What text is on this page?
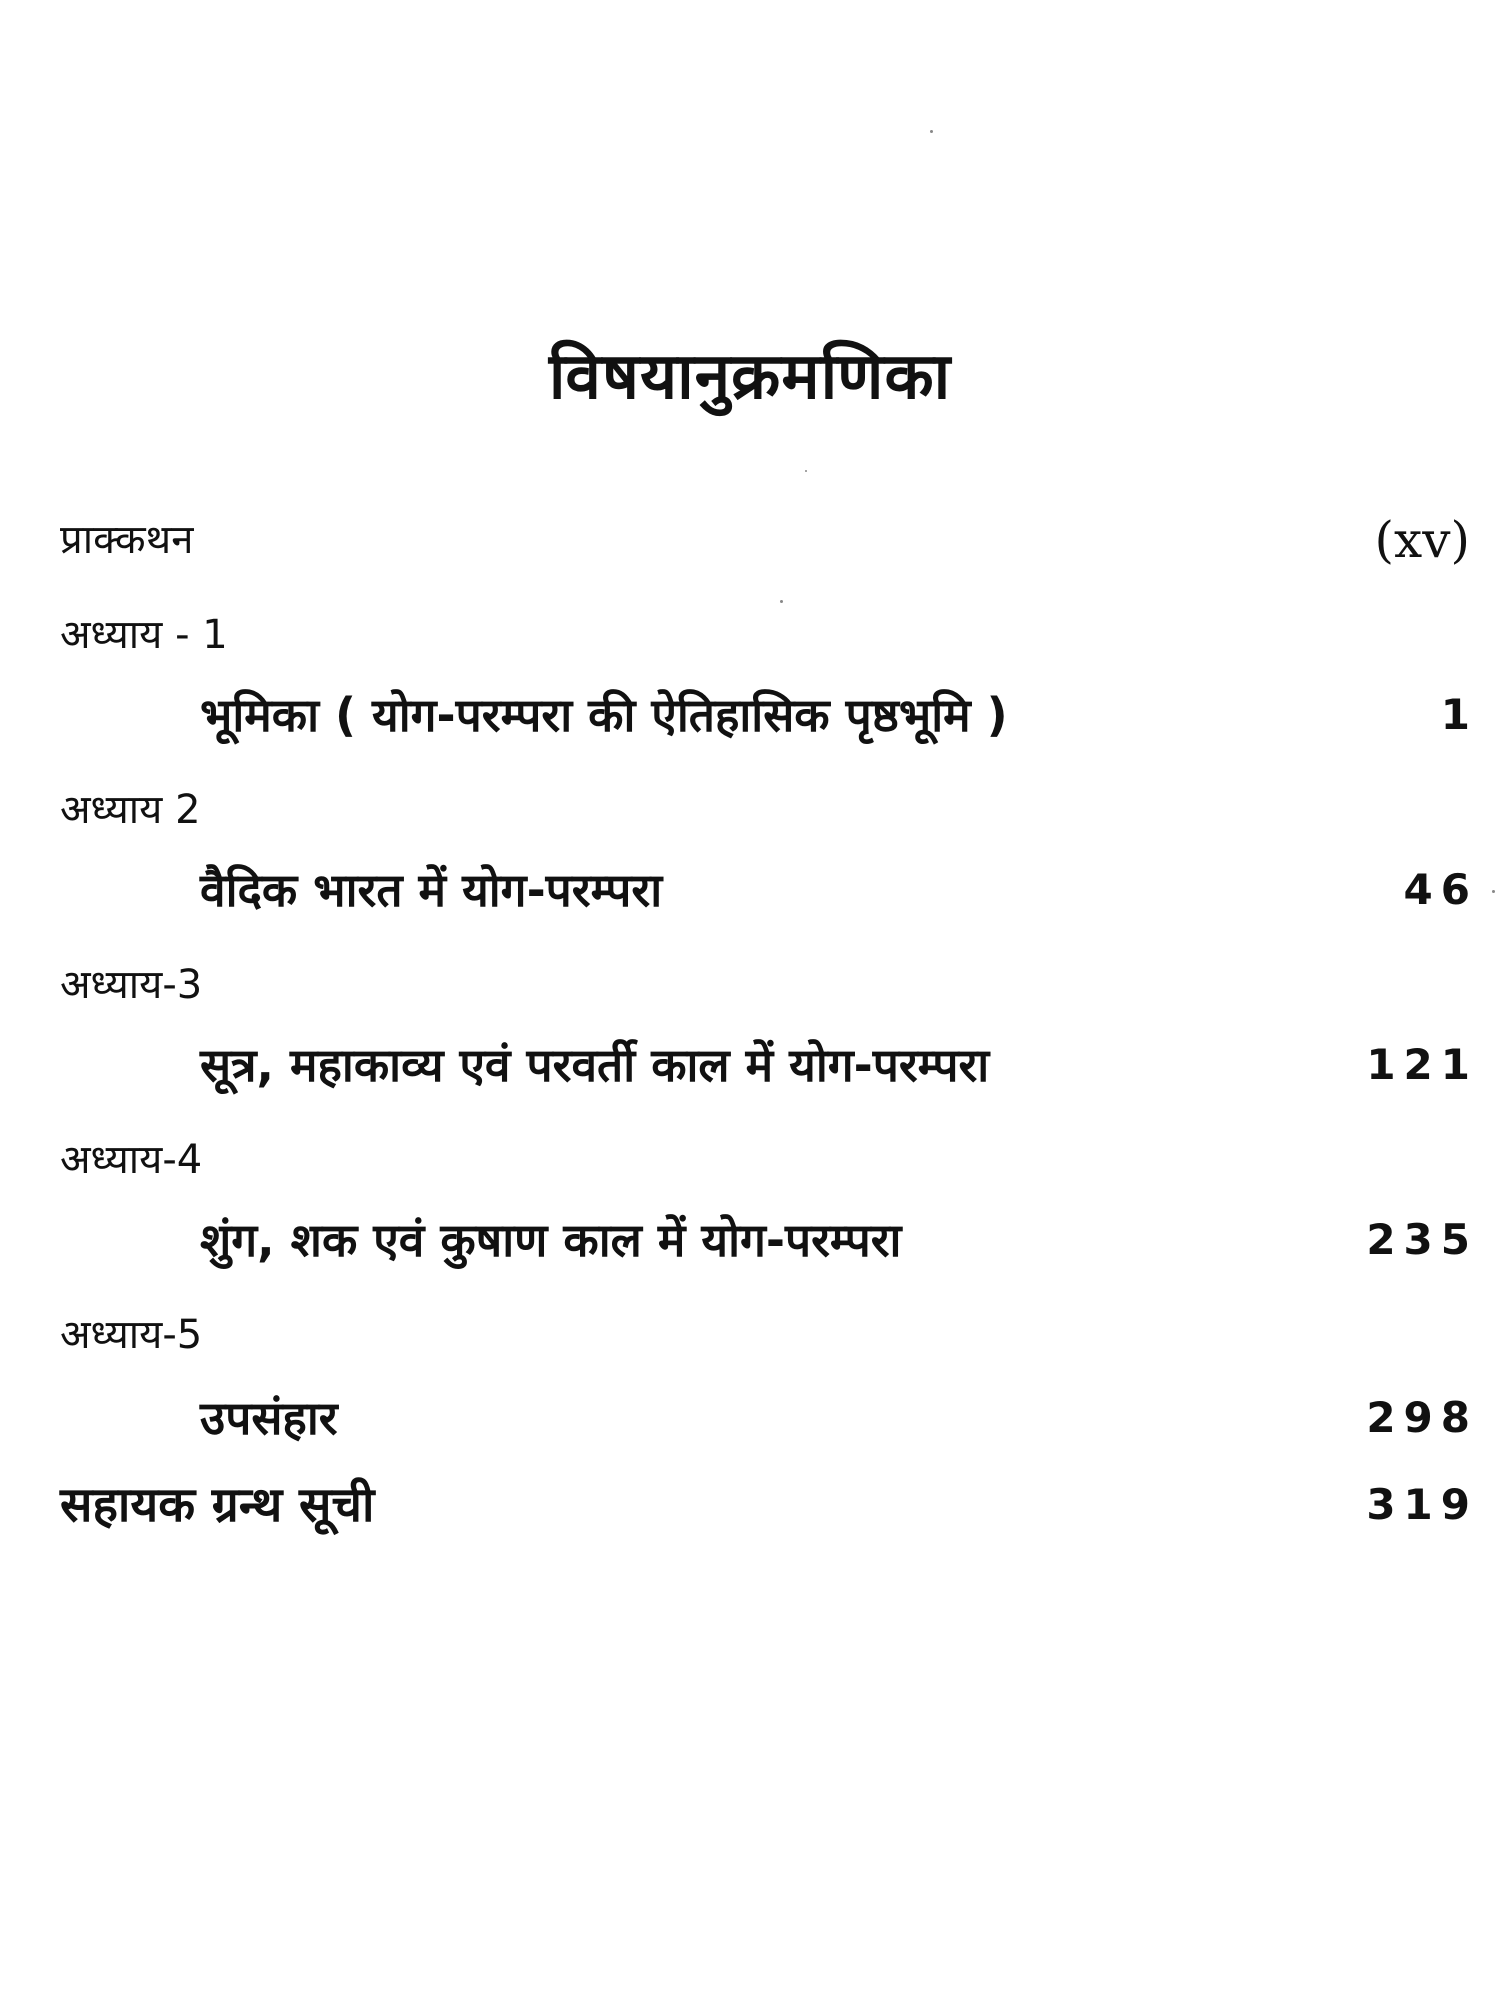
विषयानुक्रमणिका
प्राक्कथन	(xv)
अध्याय - 1
भूमिका ( योग-परम्परा की ऐतिहासिक पृष्ठभूमि )	1
अध्याय 2
वैदिक भारत में योग-परम्परा	46
अध्याय-3
सूत्र, महाकाव्य एवं परवर्ती काल में योग-परम्परा	121
अध्याय-4
शुंग, शक एवं कुषाण काल में योग-परम्परा	235
अध्याय-5
उपसंहार	298
सहायक ग्रन्थ सूची	319
